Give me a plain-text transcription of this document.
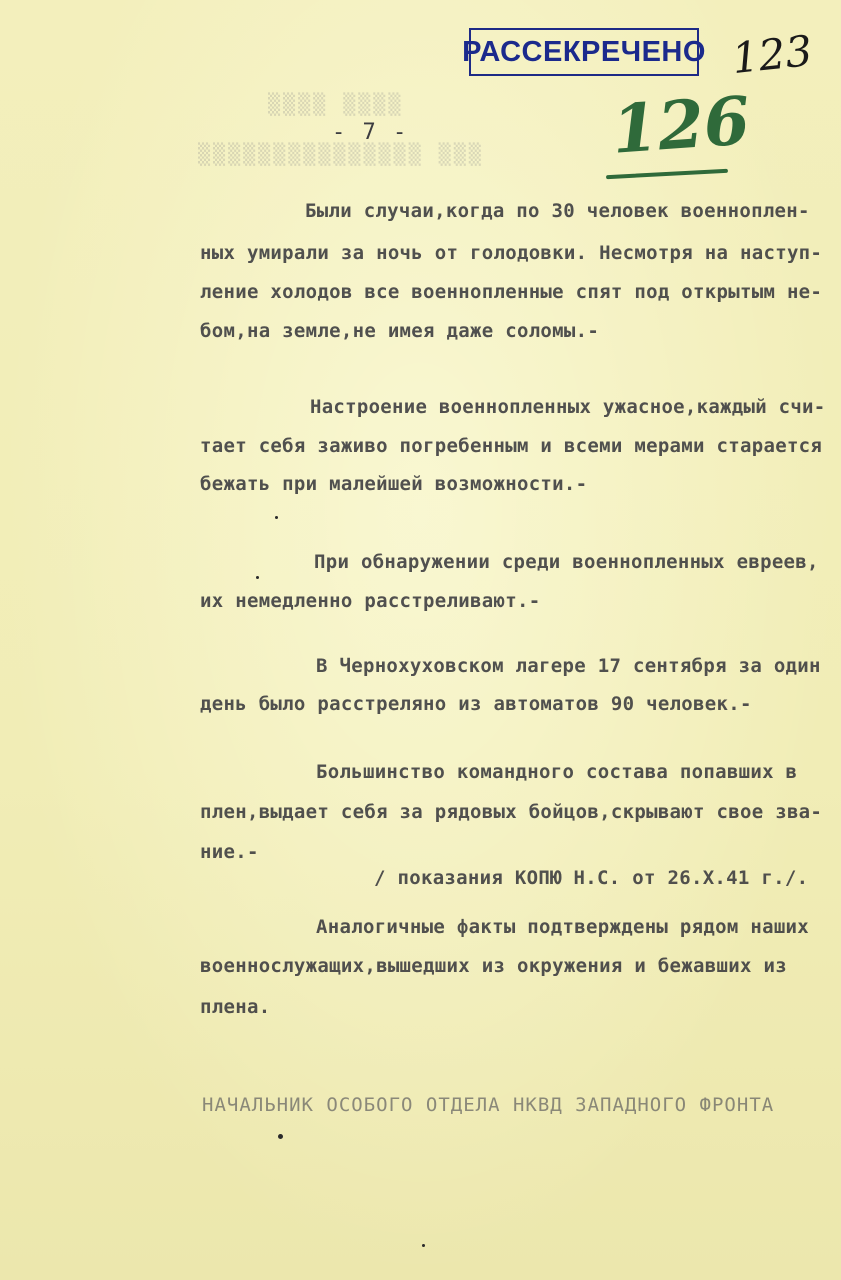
▒▒▒▒ ▒▒▒▒
▒▒▒▒▒▒▒▒▒▒▒▒▒▒▒ ▒▒▒
РАССЕКРЕЧЕНО 123
126
- 7 -
Были случаи,когда по 30 человек военноплен-
ных умирали за ночь от голодовки. Несмотря на наступ-
ление холодов все военнопленные спят под открытым не-
бом,на земле,не имея даже соломы.-
Настроение военнопленных ужасное,каждый счи-
тает себя заживо погребенным и всеми мерами старается
бежать при малейшей возможности.-
При обнаружении среди военнопленных евреев,
их немедленно расстреливают.-
В Чернохуховском лагере 17 сентября за один
день было расстреляно из автоматов 90 человек.-
Большинство командного состава попавших в
плен,выдает себя за рядовых бойцов,скрывают свое зва-
ние.-
/ показания КОПЮ Н.С. от 26.X.41 г./.
Аналогичные факты подтверждены рядом наших
военнослужащих,вышедших из окружения и бежавших из
плена.
НАЧАЛЬНИК ОСОБОГО ОТДЕЛА НКВД ЗАПАДНОГО ФРОНТА
